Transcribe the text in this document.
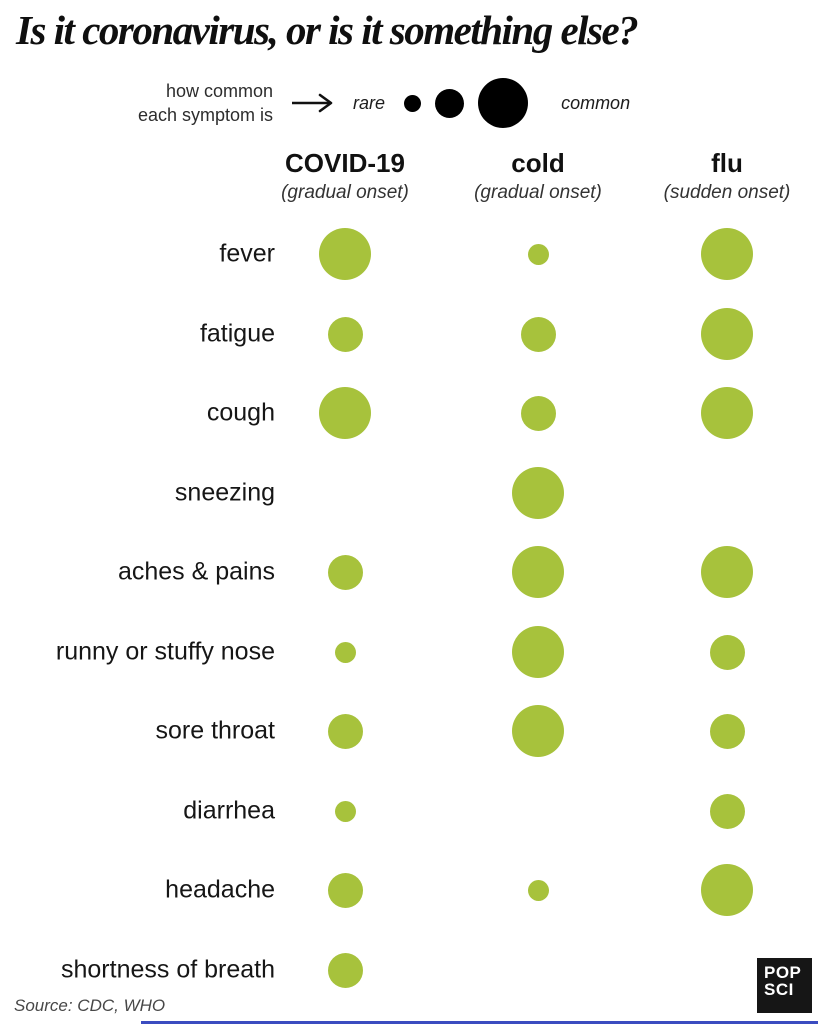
Is it coronavirus, or is it something else?
how common
each symptom is
rare	common
COVID-19
(gradual onset)
cold
(gradual onset)
flu
(sudden onset)
fever
fatigue
cough
sneezing
aches & pains
runny or stuffy nose
sore throat
diarrhea
headache
shortness of breath
Source: CDC, WHO
POP
SCI
